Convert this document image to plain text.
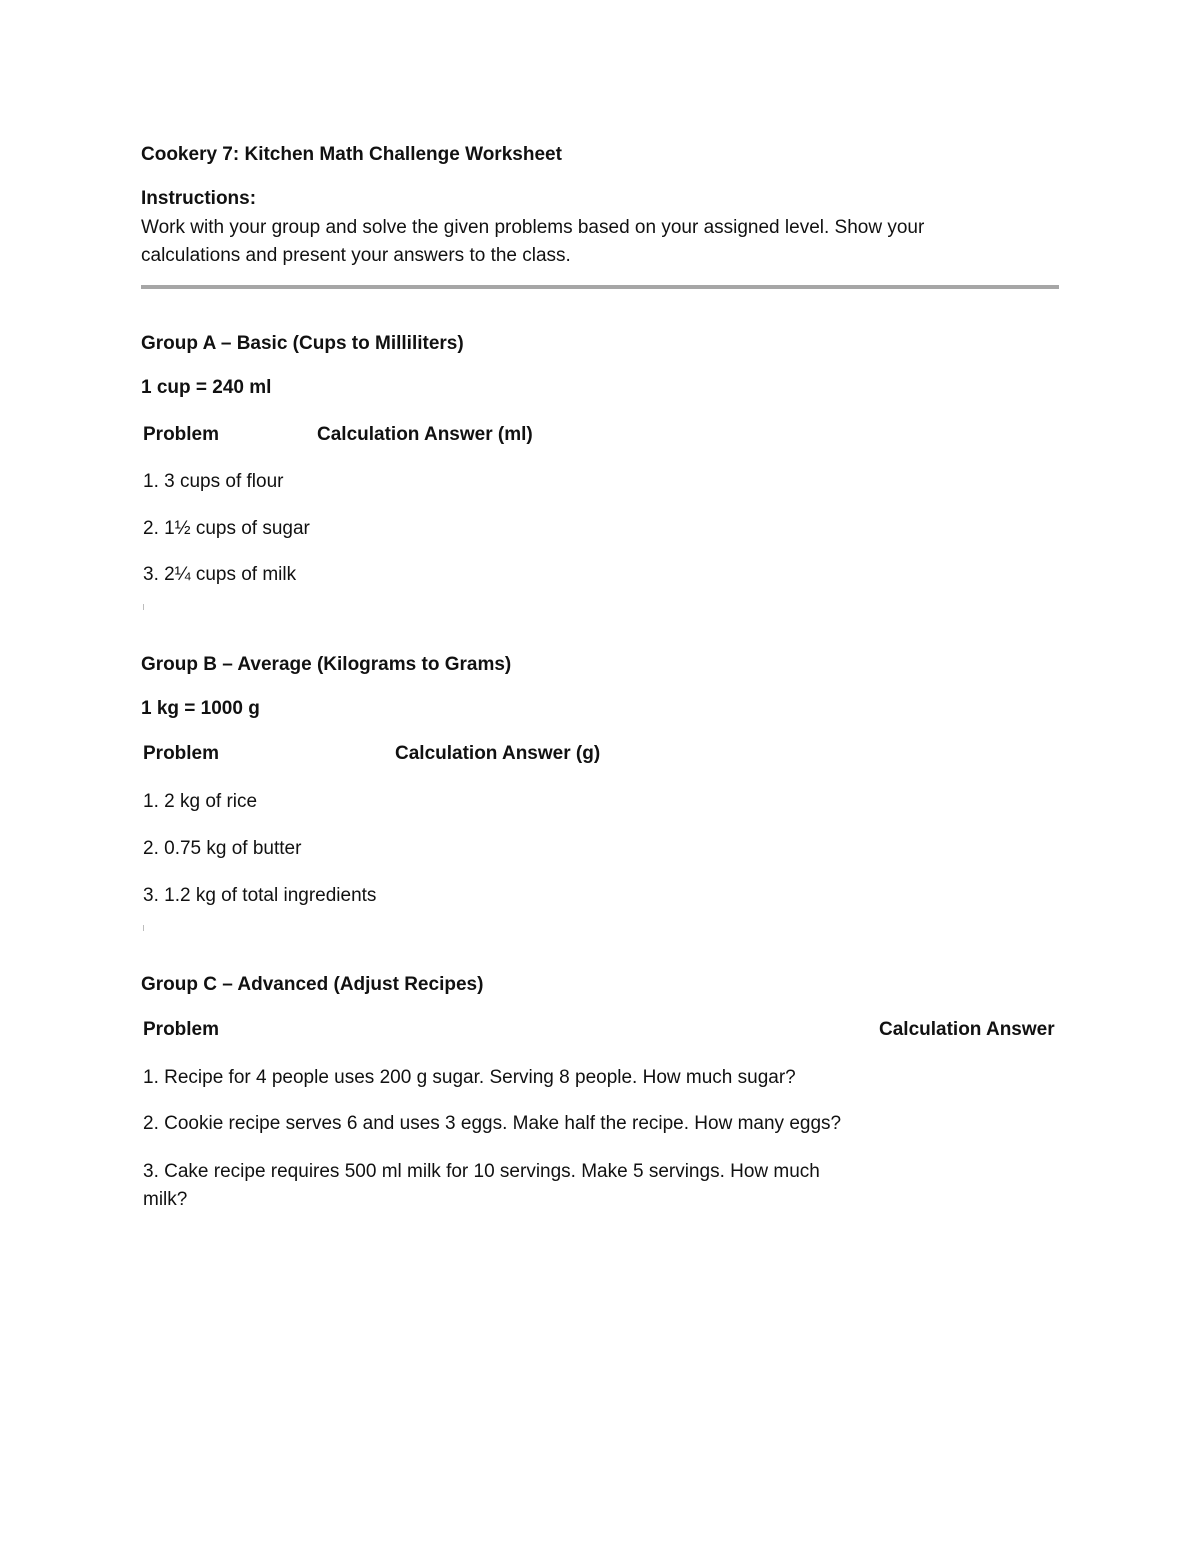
Cookery 7: Kitchen Math Challenge Worksheet
Instructions:
Work with your group and solve the given problems based on your assigned level. Show your
calculations and present your answers to the class.
Group A – Basic (Cups to Milliliters)
1 cup = 240 ml
Problem	Calculation Answer (ml)
1. 3 cups of flour
2. 1½ cups of sugar
3. 2¼ cups of milk
Group B – Average (Kilograms to Grams)
1 kg = 1000 g
Problem	Calculation Answer (g)
1. 2 kg of rice
2. 0.75 kg of butter
3. 1.2 kg of total ingredients
Group C – Advanced (Adjust Recipes)
Problem	Calculation Answer
1. Recipe for 4 people uses 200 g sugar. Serving 8 people. How much sugar?
2. Cookie recipe serves 6 and uses 3 eggs. Make half the recipe. How many eggs?
3. Cake recipe requires 500 ml milk for 10 servings. Make 5 servings. How much
milk?
